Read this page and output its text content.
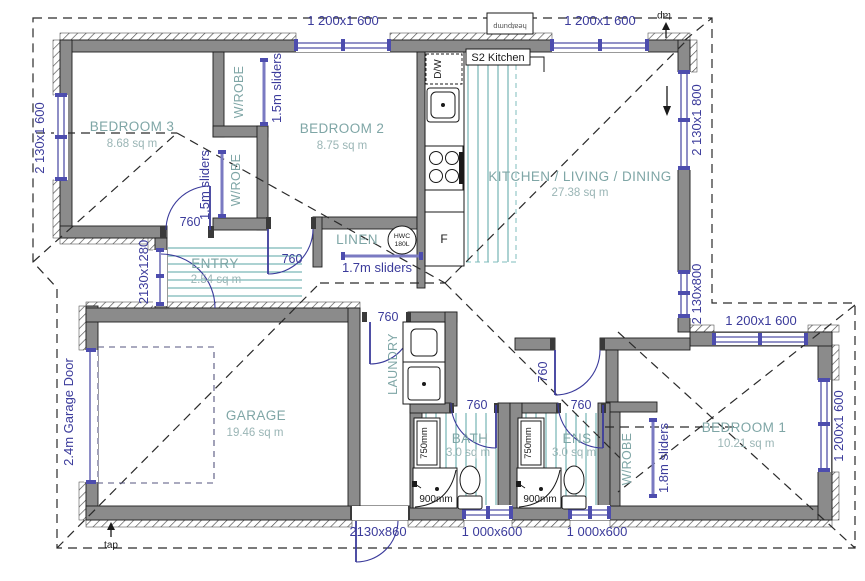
1 200x1 600	1 200x1 600
2 130x1 600	2 130x1 800
2 130x800 1 200x1 600
1 200x1 600
2130x1280
2.4m Garage Door
2130x860	1 000x600	1 000x600
1.5m sliders
1.5m sliders
1.7m sliders
1.8m sliders
760
760
760
760
760	760
BEDROOM 3
8.68 sq m
BEDROOM 2
8.75 sq m
KITCHEN / LIVING / DINING
27.38 sq m
ENTRY
2.54 sq m
LINEN
GARAGE
19.46 sq m	BATH
3.0 sq m
ENS
3.0 sq m
BEDROOM 1
10.21 sq m
W/ROBE
W/ROBE
W/ROBE
LAUNDRY
S2 Kitchen
D/W
F
HWC
180L
750mm	750mm
900mm	900mm
heatpump
tap
tap
